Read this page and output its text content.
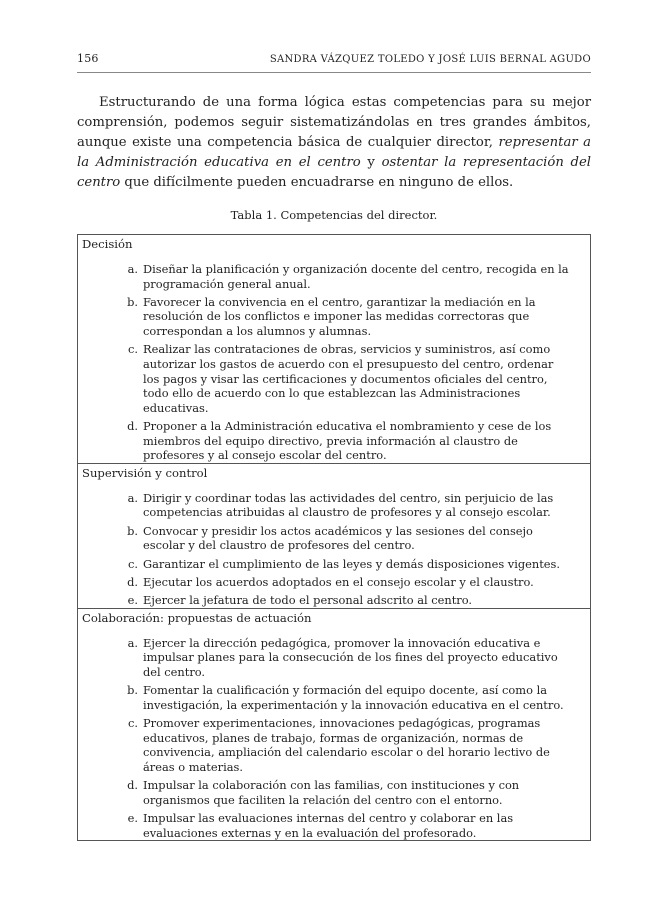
156	SANDRA VÁZQUEZ TOLEDO Y JOSÉ LUIS BERNAL AGUDO

Estructurando de una forma lógica estas competencias para su mejor comprensión, podemos seguir sistematizándolas en tres grandes ámbitos, aunque existe una competencia básica de cualquier director, representar a la Administración educativa en el centro y ostentar la representación del centro que difícilmente pueden encuadrarse en ninguno de ellos.

Tabla 1. Competencias del director.
Decisión
a. Diseñar la planificación y organización docente del centro, recogida en la programación general anual.
b. Favorecer la convivencia en el centro, garantizar la mediación en la resolución de los conflictos e imponer las medidas correctoras que correspondan a los alumnos y alumnas.
c. Realizar las contrataciones de obras, servicios y suministros, así como autorizar los gastos de acuerdo con el presupuesto del centro, ordenar los pagos y visar las certificaciones y documentos oficiales del centro, todo ello de acuerdo con lo que establezcan las Administraciones educativas.
d. Proponer a la Administración educativa el nombramiento y cese de los miembros del equipo directivo, previa información al claustro de profesores y al consejo escolar del centro.
Supervisión y control
a. Dirigir y coordinar todas las actividades del centro, sin perjuicio de las competencias atribuidas al claustro de profesores y al consejo escolar.
b. Convocar y presidir los actos académicos y las sesiones del consejo escolar y del claustro de profesores del centro.
c. Garantizar el cumplimiento de las leyes y demás disposiciones vigentes.
d. Ejecutar los acuerdos adoptados en el consejo escolar y el claustro.
e. Ejercer la jefatura de todo el personal adscrito al centro.
Colaboración: propuestas de actuación
a. Ejercer la dirección pedagógica, promover la innovación educativa e impulsar planes para la consecución de los fines del proyecto educativo del centro.
b. Fomentar la cualificación y formación del equipo docente, así como la investigación, la experimentación y la innovación educativa en el centro.
c. Promover experimentaciones, innovaciones pedagógicas, programas educativos, planes de trabajo, formas de organización, normas de convivencia, ampliación del calendario escolar o del horario lectivo de áreas o materias.
d. Impulsar la colaboración con las familias, con instituciones y con organismos que faciliten la relación del centro con el entorno.
e. Impulsar las evaluaciones internas del centro y colaborar en las evaluaciones externas y en la evaluación del profesorado.
